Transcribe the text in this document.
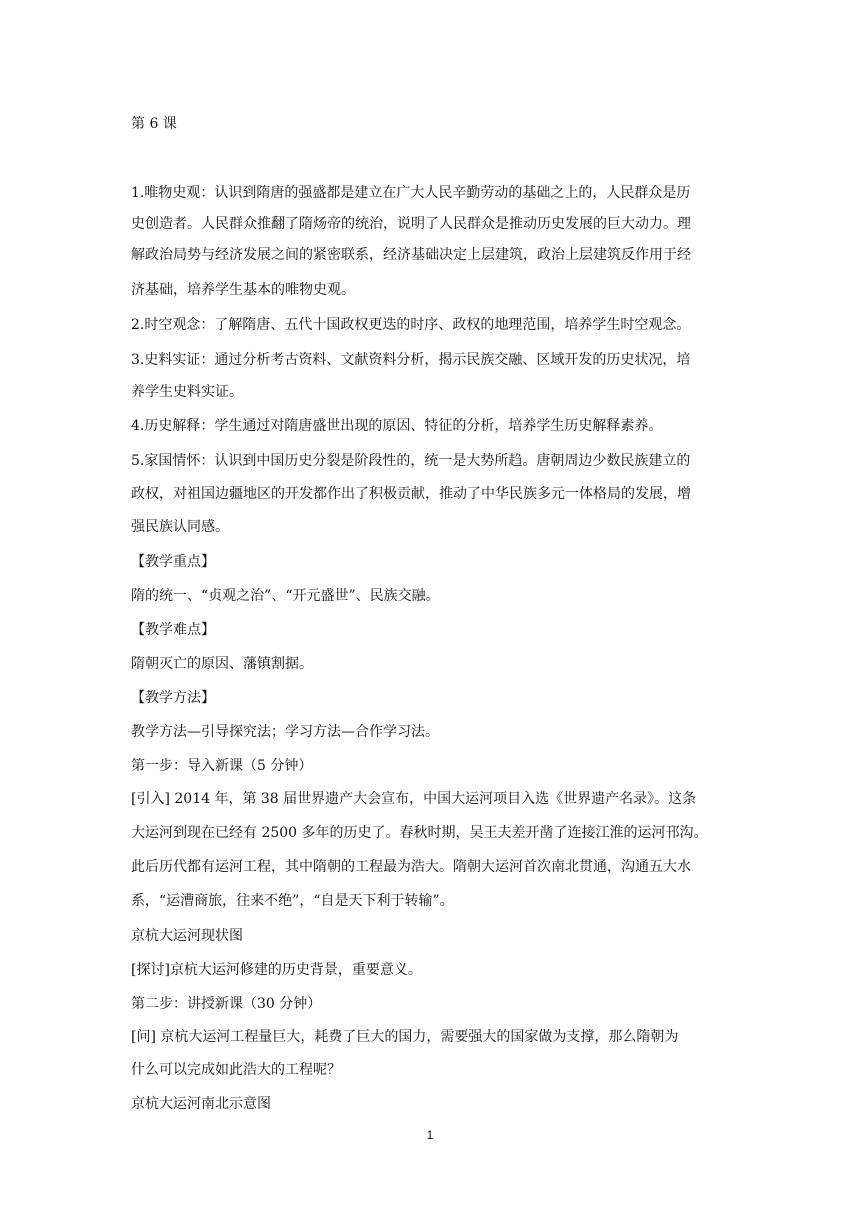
第 6 课
1.唯物史观：认识到隋唐的强盛都是建立在广大人民辛勤劳动的基础之上的，人民群众是历
史创造者。人民群众推翻了隋炀帝的统治，说明了人民群众是推动历史发展的巨大动力。理
解政治局势与经济发展之间的紧密联系，经济基础决定上层建筑，政治上层建筑反作用于经
济基础，培养学生基本的唯物史观。
2.时空观念：了解隋唐、五代十国政权更迭的时序、政权的地理范围，培养学生时空观念。
3.史料实证：通过分析考古资料、文献资料分析，揭示民族交融、区域开发的历史状况，培
养学生史料实证。
4.历史解释：学生通过对隋唐盛世出现的原因、特征的分析，培养学生历史解释素养。
5.家国情怀：认识到中国历史分裂是阶段性的，统一是大势所趋。唐朝周边少数民族建立的
政权，对祖国边疆地区的开发都作出了积极贡献，推动了中华民族多元一体格局的发展，增
强民族认同感。
【教学重点】
隋的统一、“贞观之治”、“开元盛世”、民族交融。
【教学难点】
隋朝灭亡的原因、藩镇割据。
【教学方法】
教学方法—引导探究法；学习方法—合作学习法。
第一步：导入新课（5 分钟）
[引入] 2014 年，第 38 届世界遗产大会宣布，中国大运河项目入选《世界遗产名录》。这条
大运河到现在已经有 2500 多年的历史了。春秋时期，吴王夫差开凿了连接江淮的运河邗沟。
此后历代都有运河工程，其中隋朝的工程最为浩大。隋朝大运河首次南北贯通，沟通五大水
系，“运漕商旅，往来不绝”，“自是天下利于转输”。
京杭大运河现状图
[探讨]京杭大运河修建的历史背景，重要意义。
第二步：讲授新课（30 分钟）
[问] 京杭大运河工程量巨大，耗费了巨大的国力，需要强大的国家做为支撑，那么隋朝为
什么可以完成如此浩大的工程呢？
京杭大运河南北示意图
1
